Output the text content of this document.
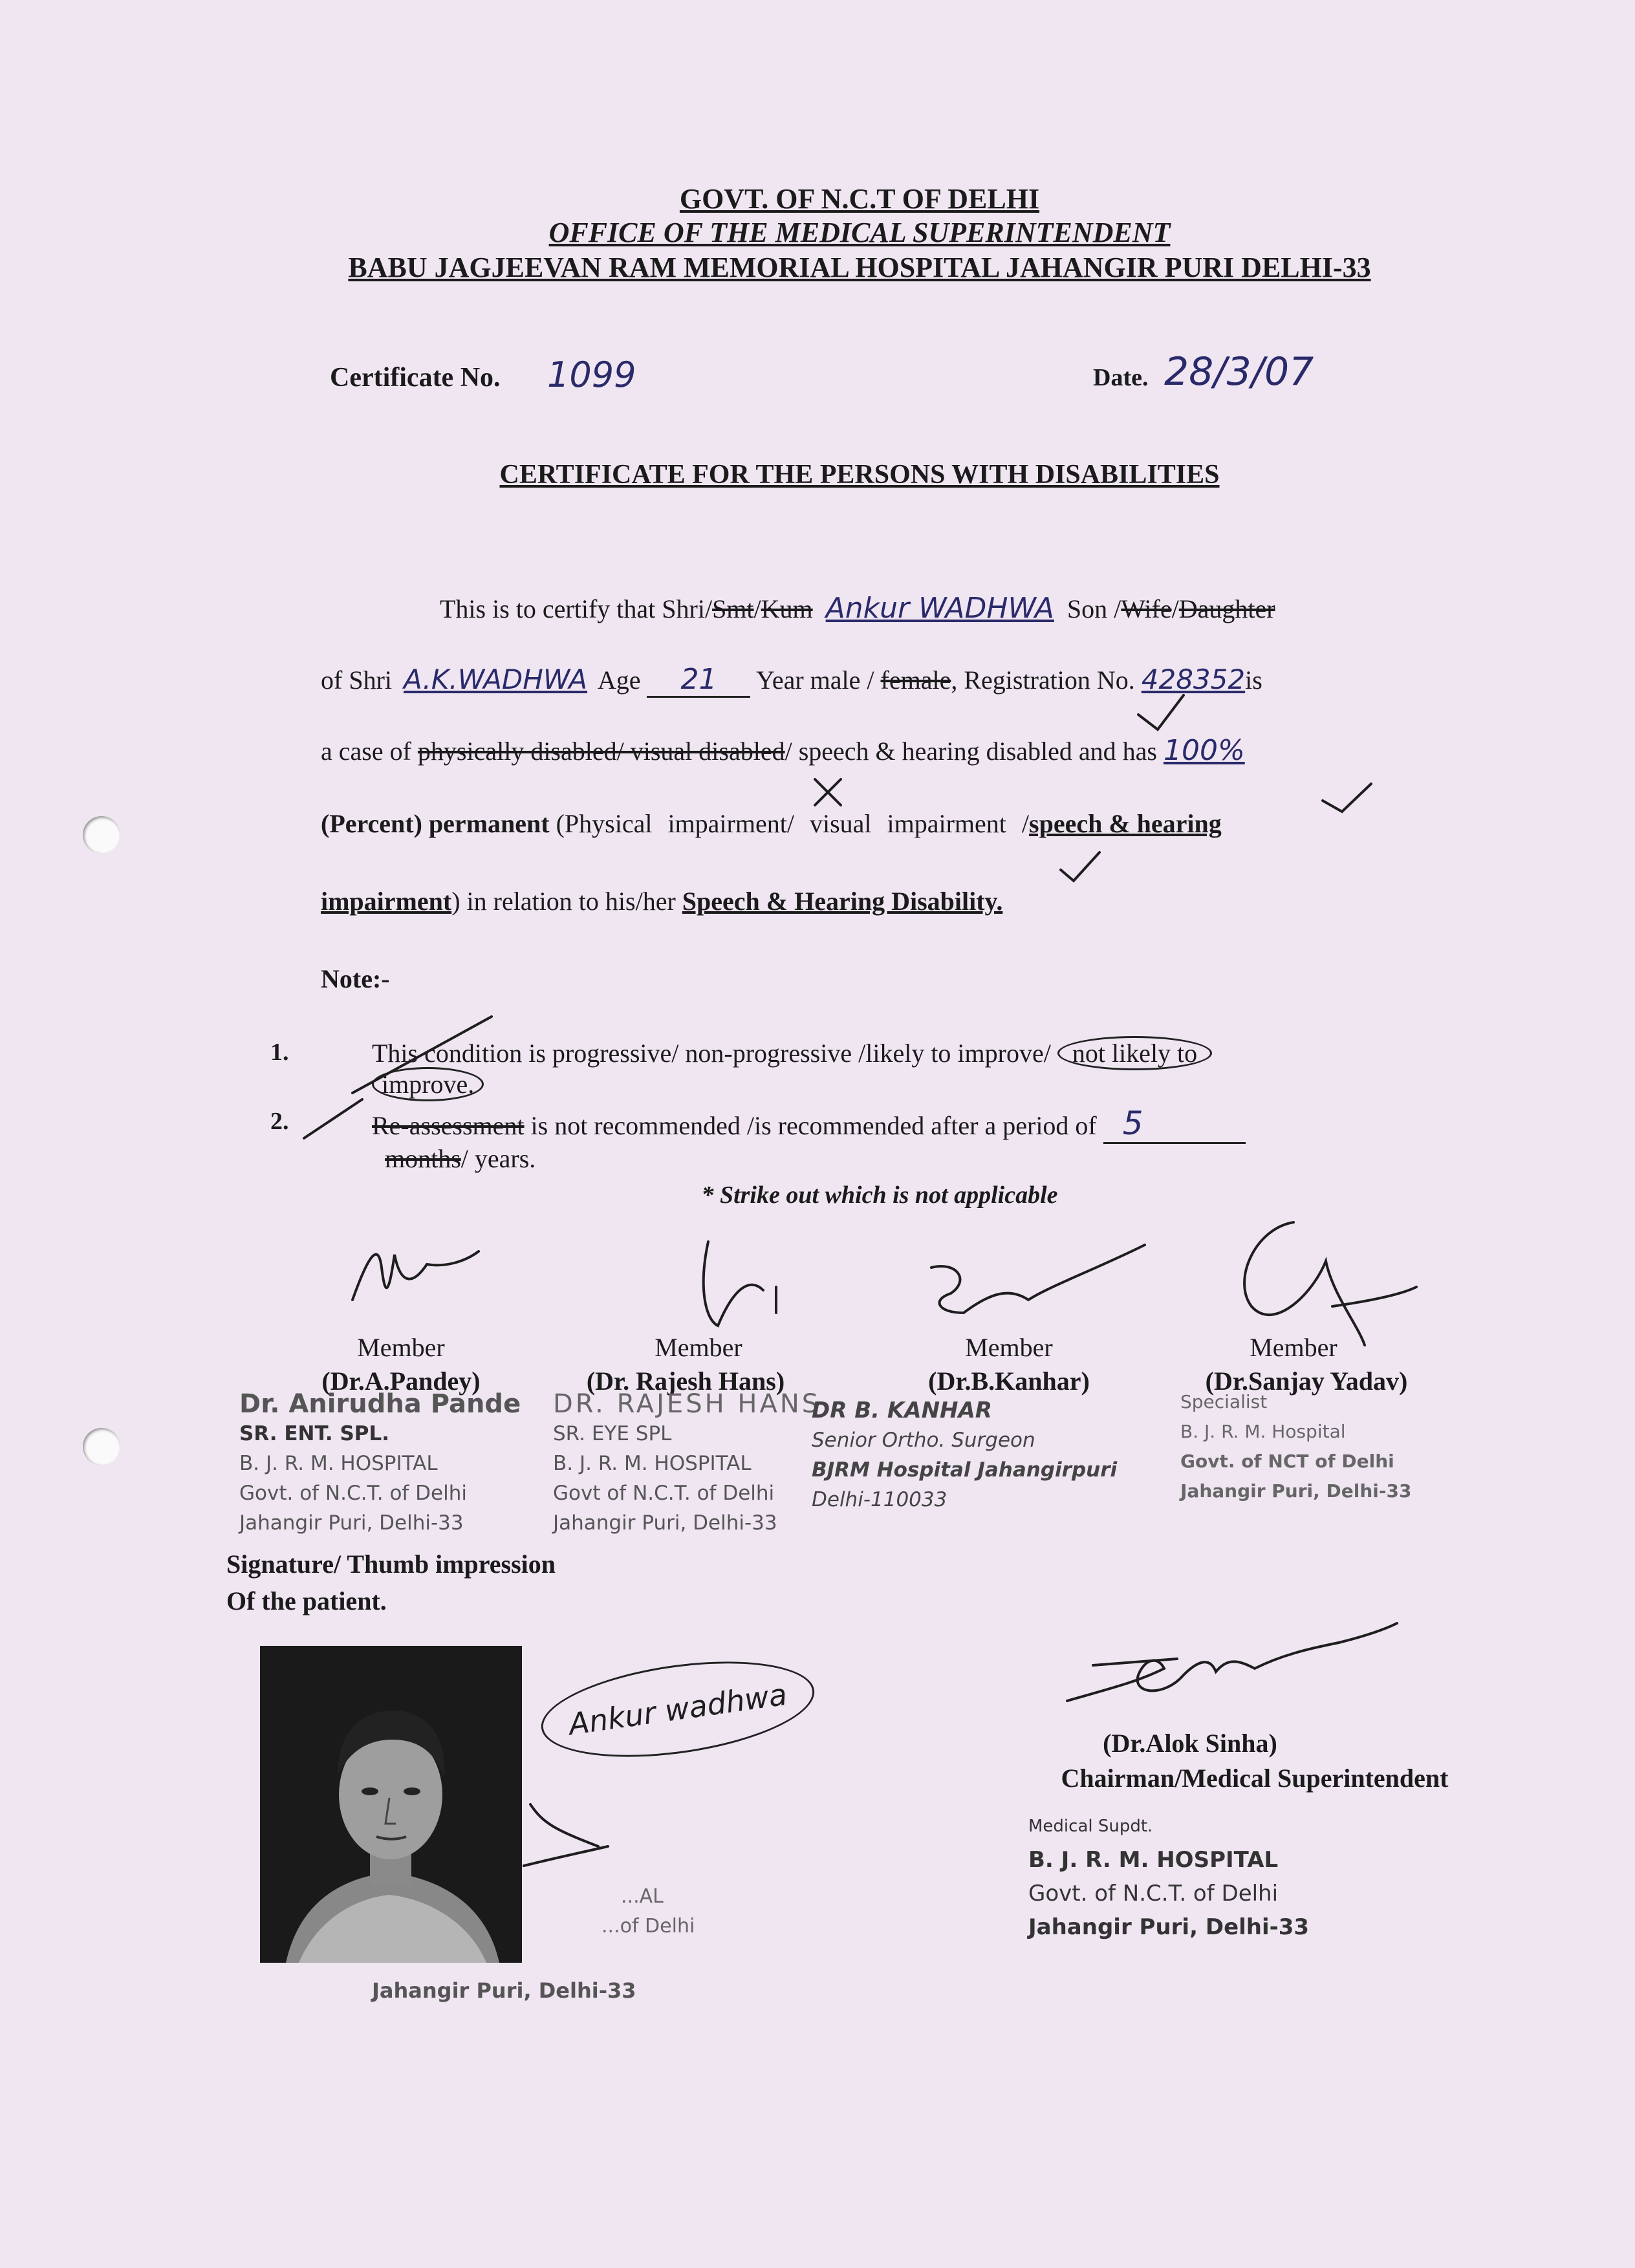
GOVT. OF N.C.T OF DELHI
OFFICE OF THE MEDICAL SUPERINTENDENT
BABU JAGJEEVAN RAM MEMORIAL HOSPITAL JAHANGIR PURI DELHI-33
Certificate No. 1099	Date. 28/3/07
CERTIFICATE FOR THE PERSONS WITH DISABILITIES
This is to certify that Shri/Smt/Kum Ankur WADHWA Son /Wife/Daughter
of Shri A.K.WADHWA Age 21 Year male / female, Registration No. 428352is
a case of physically disabled/ visual disabled/ speech & hearing disabled and has 100%
(Percent) permanent (Physical impairment/ visual impairment /speech & hearing
impairment) in relation to his/her Speech & Hearing Disability.
Note:-
1.	This condition is progressive/ non-progressive /likely to improve/ not likely to
improve.
2.	Re-assessment is not recommended /is recommended after a period of 5
months/ years.
* Strike out which is not applicable
Member
(Dr.A.Pandey)
Member
(Dr. Rajesh Hans)
Member
(Dr.B.Kanhar)
Member
(Dr.Sanjay Yadav)
Dr. Anirudha Pande
SR. ENT. SPL.
B. J. R. M. HOSPITAL
Govt. of N.C.T. of Delhi
Jahangir Puri, Delhi-33
DR. RAJESH HANS
SR. EYE SPL
B. J. R. M. HOSPITAL
Govt of N.C.T. of Delhi
Jahangir Puri, Delhi-33
DR B. KANHAR
Senior Ortho. Surgeon
BJRM Hospital Jahangirpuri
Delhi-110033
Specialist
B. J. R. M. Hospital
Govt. of NCT of Delhi
Jahangir Puri, Delhi-33
Signature/ Thumb impression
Of the patient.
Ankur wadhwa
...AL
...of Delhi
Jahangir Puri, Delhi-33
(Dr.Alok Sinha)
Chairman/Medical Superintendent
Medical Supdt.
B. J. R. M. HOSPITAL
Govt. of N.C.T. of Delhi
Jahangir Puri, Delhi-33
